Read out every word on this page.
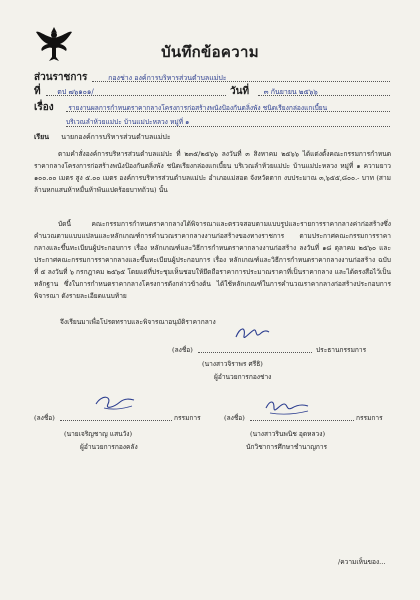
บันทึกข้อความ
ส่วนราชการ	กองช่าง องค์การบริหารส่วนตำบลแม่ปะ
ที่ ตป ๗๖๑๐๑/	วันที่ ๓ กันยายน ๒๕๖๖
เรื่อง รายงานผลการกำหนดราคากลางโครงการก่อสร้างพนังป้องกันตลิ่งพัง ชนิดเรียงกล่องแกเบี้ยน
บริเวณลำห้วยแม่ปะ บ้านแม่ปะหลวง หมู่ที่ ๑
เรียน นายกองค์การบริหารส่วนตำบลแม่ปะ
ตามคำสั่งองค์การบริหารส่วนตำบลแม่ปะ ที่ ๒๓๕/๒๕๖๖ ลงวันที่ ๓ สิงหาคม ๒๕๖๖ ได้แต่งตั้งคณะกรรมการกำหนดราคากลางโครงการก่อสร้างพนังป้องกันตลิ่งพัง ชนิดเรียงกล่องแกเบี้ยน บริเวณลำห้วยแม่ปะ บ้านแม่ปะหลวง หมู่ที่ ๑ ความยาว ๑๐๐.๐๐ เมตร สูง ๕.๐๐ เมตร องค์การบริหารส่วนตำบลแม่ปะ อำเภอแม่สอด จังหวัดตาก งบประมาณ ๓,๖๕๕,๘๐๐.- บาท (สามล้านหกแสนห้าหมื่นห้าพันแปดร้อยบาทถ้วน) นั้น
บัดนี้ คณะกรรมการกำหนดราคากลางได้พิจารณาและตรวจสอบตามแบบรูปและรายการราคากลางค่าก่อสร้างซึ่งคำนวณตามแบบแปลนและหลักเกณฑ์การคำนวณราคากลางงานก่อสร้างของทางราชการ ตามประกาศคณะกรรมการราคากลางและขึ้นทะเบียนผู้ประกอบการ เรื่อง หลักเกณฑ์และวิธีการกำหนดราคากลางงานก่อสร้าง ลงวันที่ ๑๘ ตุลาคม ๒๕๖๐ และประกาศคณะกรรมการราคากลางและขึ้นทะเบียนผู้ประกอบการ เรื่อง หลักเกณฑ์และวิธีการกำหนดราคากลางงานก่อสร้าง ฉบับที่ ๕ ลงวันที่ ๖ กรกฎาคม ๒๕๖๕ โดยแต่ที่ประชุมเห็นชอบให้ยึดถือราคาการประมาณราคาที่เป็นราคากลาง และได้ตรงสือไว้เป็นหลักฐาน ซึ่งในการกำหนดราคากลางโครงการดังกล่าวข้างต้น ได้ใช้หลักเกณฑ์ในการคำนวณราคากลางก่อสร้างประกอบการพิจารณา ดังรายละเอียดแนบท้าย
จึงเรียนมาเพื่อโปรดทราบและพิจารณาอนุมัติราคากลาง
(ลงชื่อ)	ประธานกรรมการ
(นางสาวจิราพร ศรีธิ)
ผู้อำนวยการกองช่าง
(ลงชื่อ)	กรรมการ
(นายเจริญชาญ แสนวัง)
ผู้อำนวยการกองคลัง
(ลงชื่อ)	กรรมการ
(นางสาวรินพนิช อุดหลวง)
นักวิชาการศึกษาชำนาญการ
/ความเห็นของ...
